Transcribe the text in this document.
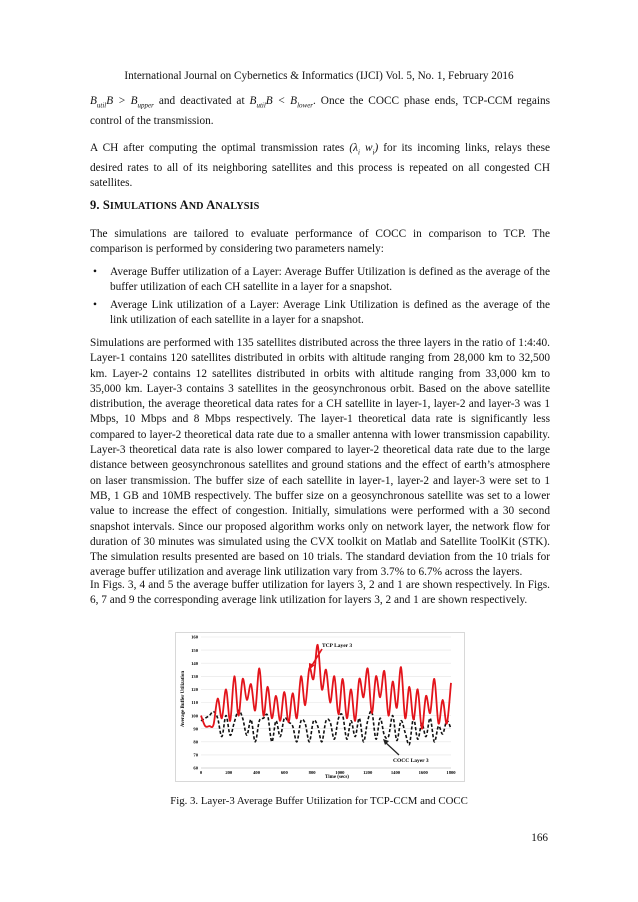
International Journal on Cybernetics & Informatics (IJCI) Vol. 5, No. 1, February 2016
$B_{util}B > B_{upper}$ and deactivated at $B_{util}B < B_{lower}$. Once the COCC phase ends, TCP-CCM regains control of the transmission.
A CH after computing the optimal transmission rates ($\lambda_i$ $w_i$) for its incoming links, relays these desired rates to all of its neighboring satellites and this process is repeated on all congested CH satellites.
9. SIMULATIONS AND ANALYSIS
The simulations are tailored to evaluate performance of COCC in comparison to TCP. The comparison is performed by considering two parameters namely:
• Average Buffer utilization of a Layer: Average Buffer Utilization is defined as the average of the buffer utilization of each CH satellite in a layer for a snapshot.
• Average Link utilization of a Layer: Average Link Utilization is defined as the average of the link utilization of each satellite in a layer for a snapshot.
Simulations are performed with 135 satellites distributed across the three layers in the ratio of 1:4:40. Layer-1 contains 120 satellites distributed in orbits with altitude ranging from 28,000 km to 32,500 km. Layer-2 contains 12 satellites distributed in orbits with altitude ranging from 33,000 km to 35,000 km. Layer-3 contains 3 satellites in the geosynchronous orbit. Based on the above satellite distribution, the average theoretical data rates for a CH satellite in layer-1, layer-2 and layer-3 was 1 Mbps, 10 Mbps and 8 Mbps respectively. The layer-1 theoretical data rate is significantly less compared to layer-2 theoretical data rate due to a smaller antenna with lower transmission capability. Layer-3 theoretical data rate is also lower compared to layer-2 theoretical data rate due to the large distance between geosynchronous satellites and ground stations and the effect of earth’s atmosphere on laser transmission. The buffer size of each satellite in layer-1, layer-2 and layer-3 were set to 1 MB, 1 GB and 10MB respectively. The buffer size on a geosynchronous satellite was set to a lower value to increase the effect of congestion. Initially, simulations were performed with a 30 second snapshot intervals. Since our proposed algorithm works only on network layer, the network flow for duration of 30 minutes was simulated using the CVX toolkit on Matlab and Satellite ToolKit (STK). The simulation results presented are based on 10 trials. The standard deviation from the 10 trials for average buffer utilization and average link utilization vary from 3.7% to 6.7% across the layers.
In Figs. 3, 4 and 5 the average buffer utilization for layers 3, 2 and 1 are shown respectively. In Figs. 6, 7 and 9 the corresponding average link utilization for layers 3, 2 and 1 are shown respectively.
60
70
80
90
100
110
120
130
140
150
160
0	200	400	600	800	1000	1200	1400	1600	1800
Average Buffer Utilization
Time (secs)
TCP Layer 3
COCC Layer 3
Fig. 3. Layer-3 Average Buffer Utilization for TCP-CCM and COCC
166
